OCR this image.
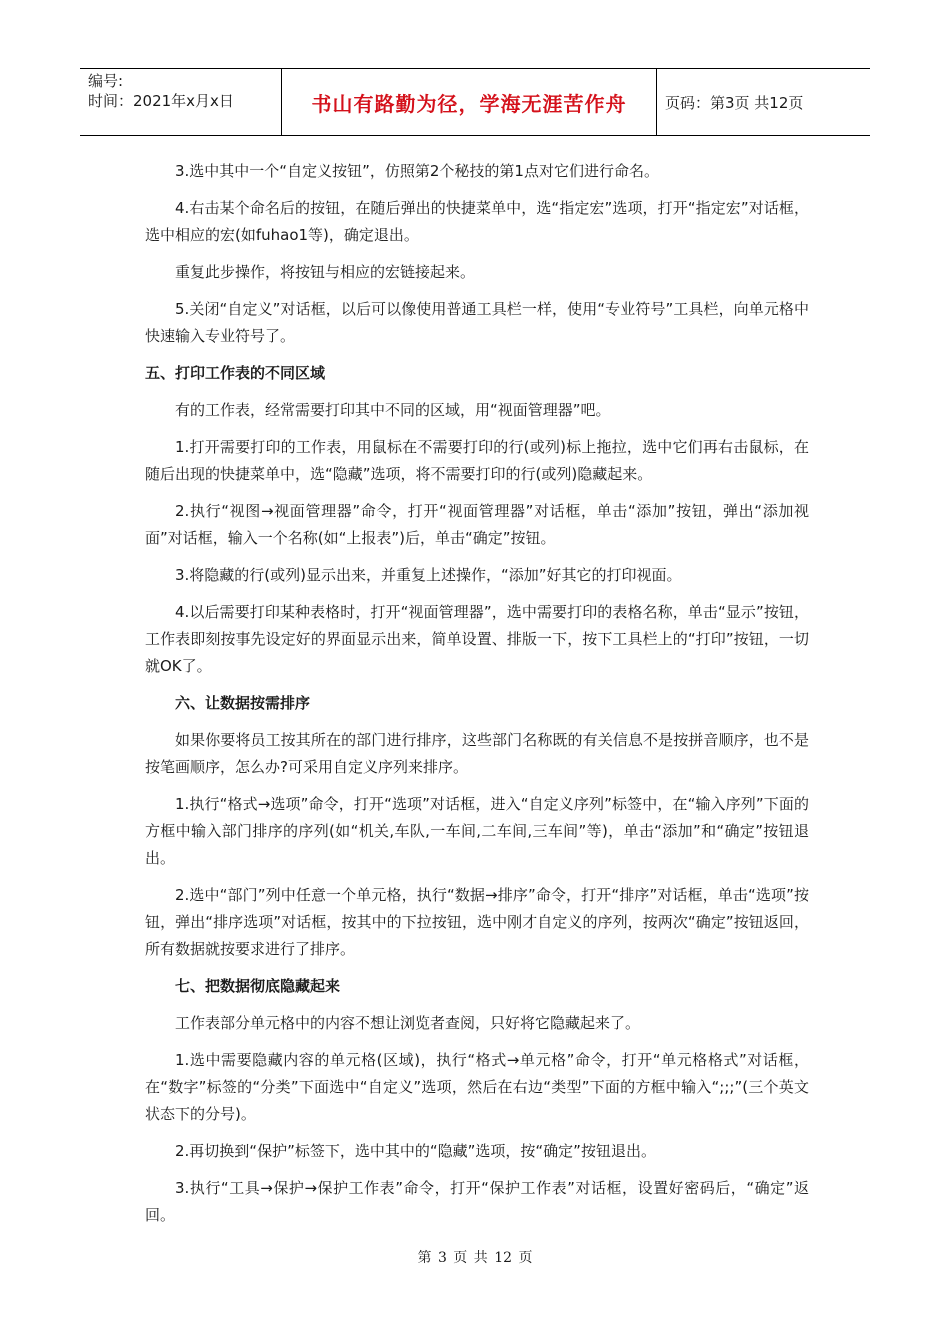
编号:
时间：2021年x月x日	书山有路勤为径，学海无涯苦作舟	页码：第3页 共12页

3.选中其中一个“自定义按钮”，仿照第2个秘技的第1点对它们进行命名。

4.右击某个命名后的按钮，在随后弹出的快捷菜单中，选“指定宏”选项，打开“指定宏”对话框，选中相应的宏(如fuhao1等)，确定退出。

重复此步操作，将按钮与相应的宏链接起来。

5.关闭“自定义”对话框，以后可以像使用普通工具栏一样，使用“专业符号”工具栏，向单元格中快速输入专业符号了。

五、打印工作表的不同区域

有的工作表，经常需要打印其中不同的区域，用“视面管理器”吧。

1.打开需要打印的工作表，用鼠标在不需要打印的行(或列)标上拖拉，选中它们再右击鼠标，在随后出现的快捷菜单中，选“隐藏”选项，将不需要打印的行(或列)隐藏起来。

2.执行“视图→视面管理器”命令，打开“视面管理器”对话框，单击“添加”按钮，弹出“添加视面”对话框，输入一个名称(如“上报表”)后，单击“确定”按钮。

3.将隐藏的行(或列)显示出来，并重复上述操作，“添加”好其它的打印视面。

4.以后需要打印某种表格时，打开“视面管理器”，选中需要打印的表格名称，单击“显示”按钮，工作表即刻按事先设定好的界面显示出来，简单设置、排版一下，按下工具栏上的“打印”按钮，一切就OK了。

六、让数据按需排序

如果你要将员工按其所在的部门进行排序，这些部门名称既的有关信息不是按拼音顺序，也不是按笔画顺序，怎么办?可采用自定义序列来排序。

1.执行“格式→选项”命令，打开“选项”对话框，进入“自定义序列”标签中，在“输入序列”下面的方框中输入部门排序的序列(如“机关,车队,一车间,二车间,三车间”等)，单击“添加”和“确定”按钮退出。

2.选中“部门”列中任意一个单元格，执行“数据→排序”命令，打开“排序”对话框，单击“选项”按钮，弹出“排序选项”对话框，按其中的下拉按钮，选中刚才自定义的序列，按两次“确定”按钮返回，所有数据就按要求进行了排序。

七、把数据彻底隐藏起来

工作表部分单元格中的内容不想让浏览者查阅，只好将它隐藏起来了。

1.选中需要隐藏内容的单元格(区域)，执行“格式→单元格”命令，打开“单元格格式”对话框，在“数字”标签的“分类”下面选中“自定义”选项，然后在右边“类型”下面的方框中输入“;;;”(三个英文状态下的分号)。

2.再切换到“保护”标签下，选中其中的“隐藏”选项，按“确定”按钮退出。

3.执行“工具→保护→保护工作表”命令，打开“保护工作表”对话框，设置好密码后，“确定”返回。

第 3 页 共 12 页
